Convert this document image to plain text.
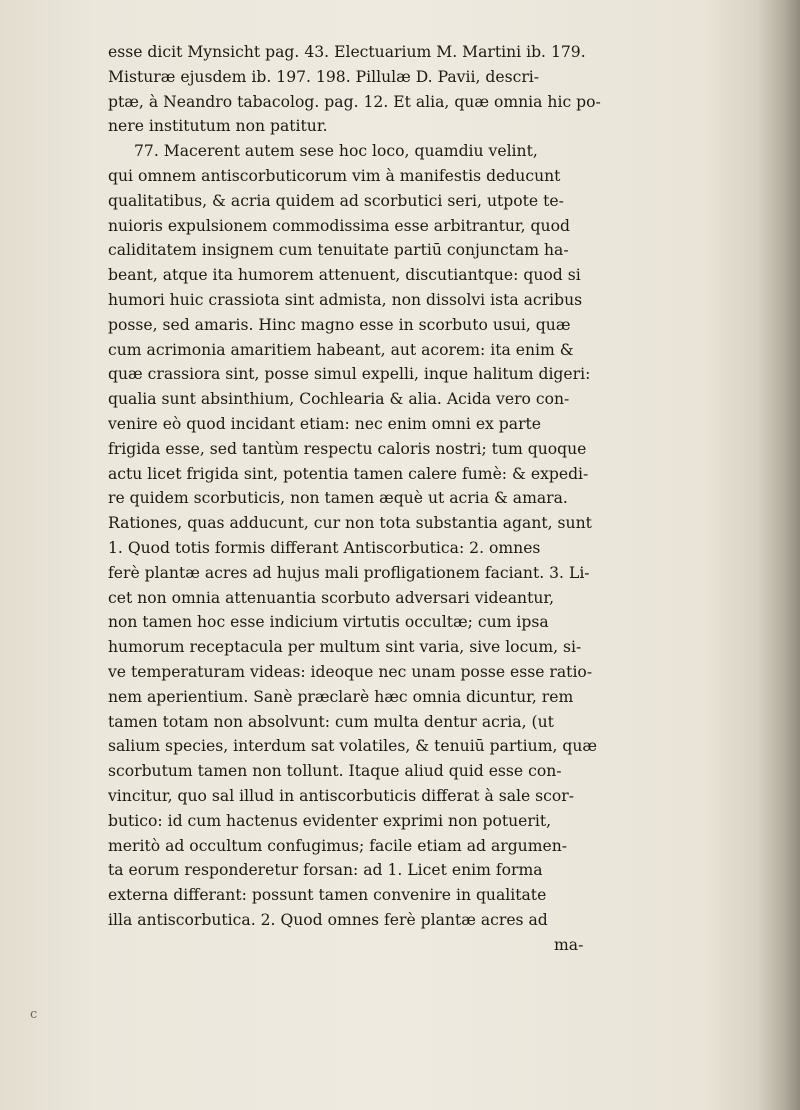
esse dicit Mynsicht pag. 43. Electuarium M. Martini ib. 179.
Misturæ ejusdem ib. 197. 198. Pillulæ D. Pavii, descri-
ptæ, à Neandro tabacolog. pag. 12. Et alia, quæ omnia hic po-
nere institutum non patitur.
77. Macerent autem sese hoc loco, quamdiu velint,
qui omnem antiscorbuticorum vim à manifestis deducunt
qualitatibus, & acria quidem ad scorbutici seri, utpote te-
nuioris expulsionem commodissima esse arbitrantur, quod
caliditatem insignem cum tenuitate partiū conjunctam ha-
beant, atque ita humorem attenuent, discutiantque: quod si
humori huic crassiota sint admista, non dissolvi ista acribus
posse, sed amaris. Hinc magno esse in scorbuto usui, quæ
cum acrimonia amaritiem habeant, aut acorem: ita enim &
quæ crassiora sint, posse simul expelli, inque halitum digeri:
qualia sunt absinthium, Cochlearia & alia. Acida vero con-
venire eò quod incidant etiam: nec enim omni ex parte
frigida esse, sed tantùm respectu caloris nostri; tum quoque
actu licet frigida sint, potentia tamen calere fumè: & expedi-
re quidem scorbuticis, non tamen æquè ut acria & amara.
Rationes, quas adducunt, cur non tota substantia agant, sunt
1. Quod totis formis differant Antiscorbutica: 2. omnes
ferè plantæ acres ad hujus mali profligationem faciant. 3. Li-
cet non omnia attenuantia scorbuto adversari videantur,
non tamen hoc esse indicium virtutis occultæ; cum ipsa
humorum receptacula per multum sint varia, sive locum, si-
ve temperaturam videas: ideoque nec unam posse esse ratio-
nem aperientium. Sanè præclarè hæc omnia dicuntur, rem
tamen totam non absolvunt: cum multa dentur acria, (ut
salium species, interdum sat volatiles, & tenuiū partium, quæ
scorbutum tamen non tollunt. Itaque aliud quid esse con-
vincitur, quo sal illud in antiscorbuticis differat à sale scor-
butico: id cum hactenus evidenter exprimi non potuerit,
meritò ad occultum confugimus; facile etiam ad argumen-
ta eorum responderetur forsan: ad 1. Licet enim forma
externa differant: possunt tamen convenire in qualitate
illa antiscorbutica. 2. Quod omnes ferè plantæ acres ad
ma-
c
